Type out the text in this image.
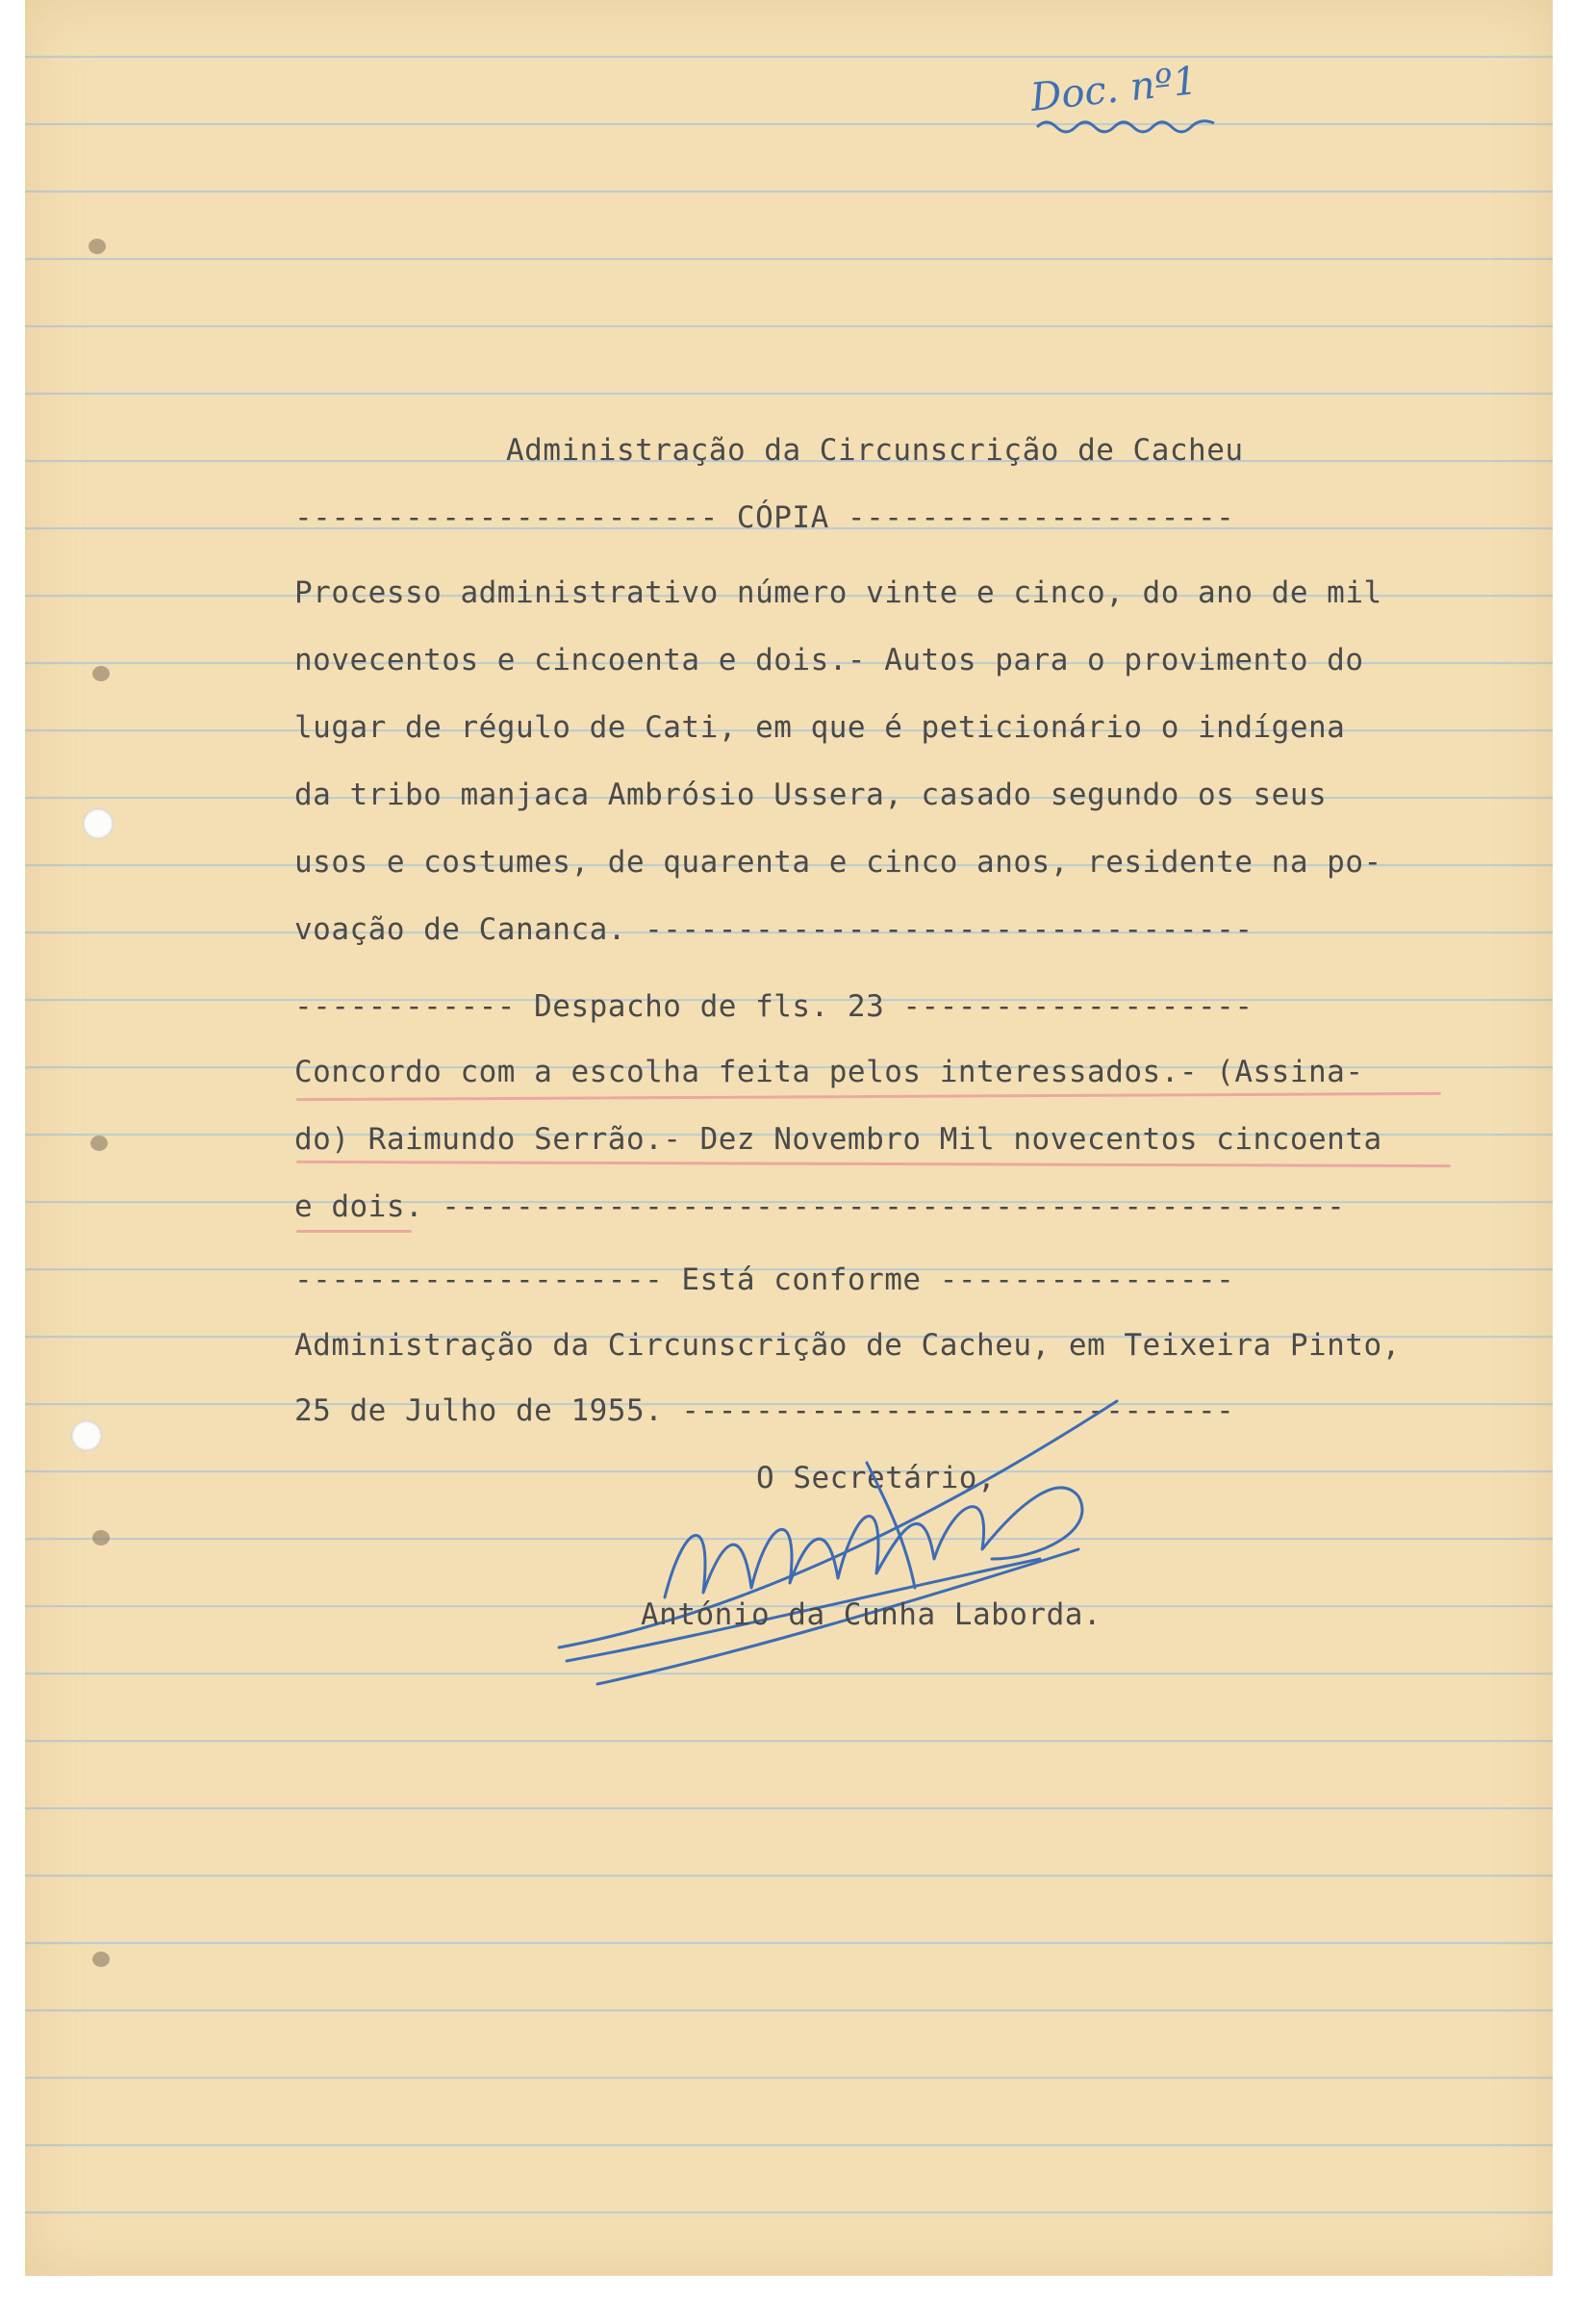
Doc. nº1
Administração da Circunscrição de Cacheu
----------------------- CÓPIA ---------------------
Processo administrativo número vinte e cinco, do ano de mil
novecentos e cincoenta e dois.- Autos para o provimento do
lugar de régulo de Cati, em que é peticionário o indígena
da tribo manjaca Ambrósio Ussera, casado segundo os seus
usos e costumes, de quarenta e cinco anos, residente na po-
voação de Cananca. ---------------------------------
------------ Despacho de fls. 23 -------------------
Concordo com a escolha feita pelos interessados.- (Assina-
do) Raimundo Serrão.- Dez Novembro Mil novecentos cincoenta
e dois. -------------------------------------------------
-------------------- Está conforme ----------------
Administração da Circunscrição de Cacheu, em Teixeira Pinto,
25 de Julho de 1955. ------------------------------
O Secretário,
António da Cunha Laborda.
